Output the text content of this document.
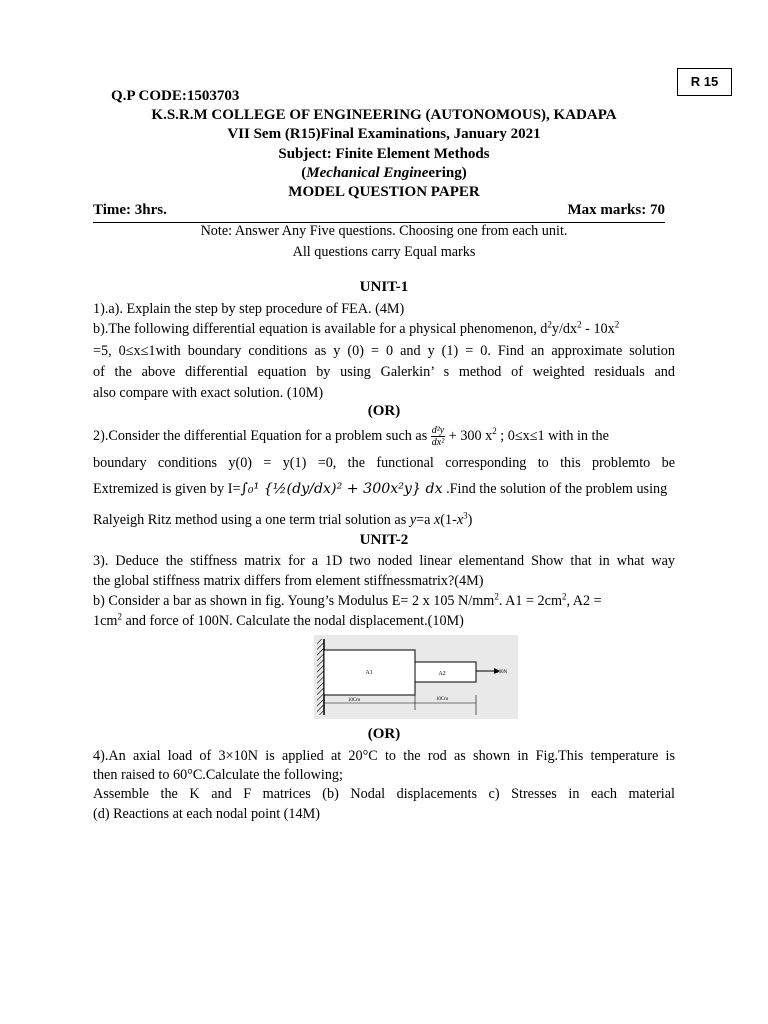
R 15
Q.P CODE:1503703
K.S.R.M COLLEGE OF ENGINEERING (AUTONOMOUS), KADAPA
VII Sem (R15)Final Examinations, January 2021
Subject: Finite Element Methods
(Mechanical Engineering)
MODEL QUESTION PAPER
Time: 3hrs.	Max marks: 70
Note: Answer Any Five questions. Choosing one from each unit.
All questions carry Equal marks
UNIT-1
1).a). Explain the step by step procedure of FEA. (4M)
b).The following differential equation is available for a physical phenomenon, $d^2y/dx^2 - 10x^2$
=5, 0≤x≤1with boundary conditions as y (0) = 0 and y (1) = 0. Find an approximate solution
of the above differential equation by using Galerkin’ s method of weighted residuals and
also compare with exact solution. (10M)
(OR)
2).Consider the differential Equation for a problem such as $\frac{\text{d²y}}{\text{dx²}} + 300$ $x^2$ ; 0≤x≤1 with in the
boundary conditions y(0) = y(1) =0, the functional corresponding to this problemto be
Extremized is given by I=∫₀¹ {½(dy/dx)² + 300x²y} dx .Find the solution of the problem using
Ralyeigh Ritz method using a one term trial solution as y=a $x(1-x^3)$
UNIT-2
3). Deduce the stiffness matrix for a 1D two noded linear elementand Show that in what way
the global stiffness matrix differs from element stiffnessmatrix?(4M)
b) Consider a bar as shown in fig. Young’s Modulus E= 2 x 105 $N/mm^2$. $A1 = 2cm^2$, A2 =
$1cm^2$ and force of 100N. Calculate the nodal displacement.(10M)
A1	A2	100N
10Cm	10Cm
(OR)
4).An axial load of 3×10N is applied at 20°C to the rod as shown in Fig.This temperature is
then raised to 60°C.Calculate the following;
Assemble the K and F matrices (b) Nodal displacements c) Stresses in each material
(d) Reactions at each nodal point (14M)
